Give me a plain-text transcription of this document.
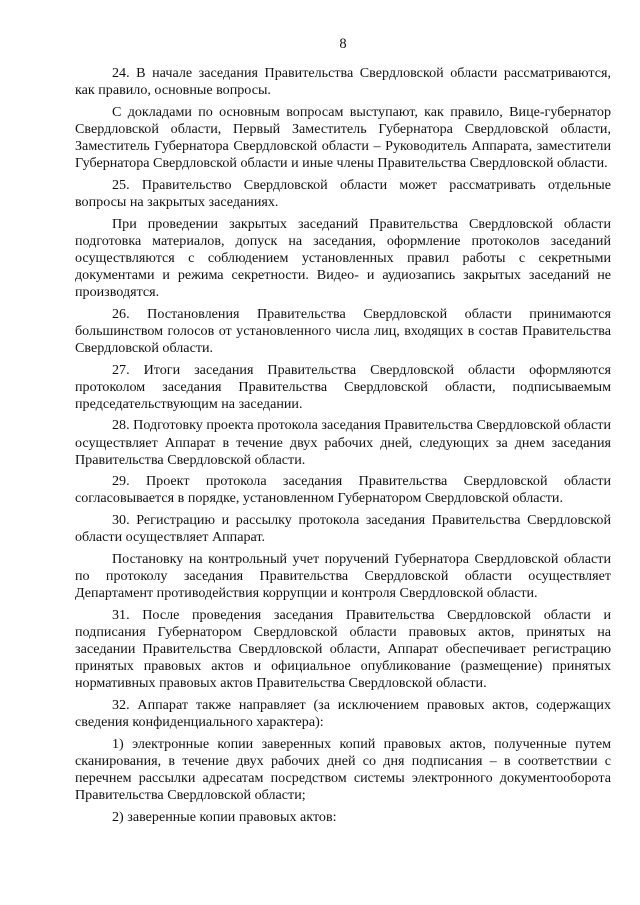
8

24. В начале заседания Правительства Свердловской области рассматриваются, как правило, основные вопросы.

С докладами по основным вопросам выступают, как правило, Вице-губернатор Свердловской области, Первый Заместитель Губернатора Свердловской области, Заместитель Губернатора Свердловской области – Руководитель Аппарата, заместители Губернатора Свердловской области и иные члены Правительства Свердловской области.

25. Правительство Свердловской области может рассматривать отдельные вопросы на закрытых заседаниях.

При проведении закрытых заседаний Правительства Свердловской области подготовка материалов, допуск на заседания, оформление протоколов заседаний осуществляются с соблюдением установленных правил работы с секретными документами и режима секретности. Видео- и аудиозапись закрытых заседаний не производятся.

26. Постановления Правительства Свердловской области принимаются большинством голосов от установленного числа лиц, входящих в состав Правительства Свердловской области.

27. Итоги заседания Правительства Свердловской области оформляются протоколом заседания Правительства Свердловской области, подписываемым председательствующим на заседании.

28. Подготовку проекта протокола заседания Правительства Свердловской области осуществляет Аппарат в течение двух рабочих дней, следующих за днем заседания Правительства Свердловской области.

29. Проект протокола заседания Правительства Свердловской области согласовывается в порядке, установленном Губернатором Свердловской области.

30. Регистрацию и рассылку протокола заседания Правительства Свердловской области осуществляет Аппарат.

Постановку на контрольный учет поручений Губернатора Свердловской области по протоколу заседания Правительства Свердловской области осуществляет Департамент противодействия коррупции и контроля Свердловской области.

31. После проведения заседания Правительства Свердловской области и подписания Губернатором Свердловской области правовых актов, принятых на заседании Правительства Свердловской области, Аппарат обеспечивает регистрацию принятых правовых актов и официальное опубликование (размещение) принятых нормативных правовых актов Правительства Свердловской области.

32. Аппарат также направляет (за исключением правовых актов, содержащих сведения конфиденциального характера):

1) электронные копии заверенных копий правовых актов, полученные путем сканирования, в течение двух рабочих дней со дня подписания – в соответствии с перечнем рассылки адресатам посредством системы электронного документооборота Правительства Свердловской области;

2) заверенные копии правовых актов:
